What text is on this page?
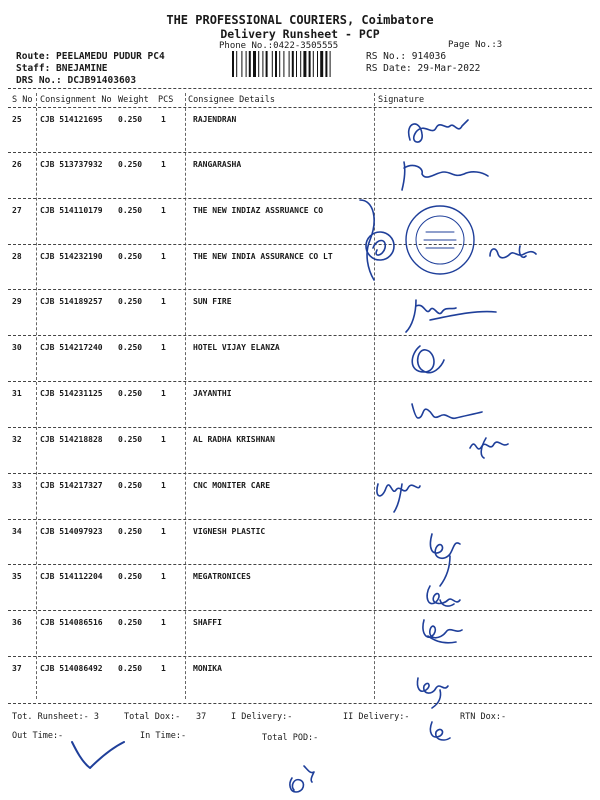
THE PROFESSIONAL COURIERS, Coimbatore
Delivery Runsheet - PCP
Phone No.:0422-3505555	Page No.:3
Route: PEELAMEDU PUDUR PC4
Staff: BNEJAMINE
DRS No.: DCJB91403603
RS No.: 914036
RS Date: 29-Mar-2022
S No Consignment No Weight PCS Consignee Details	Signature
25 CJB 514121695 0.250 1	RAJENDRAN
26 CJB 513737932 0.250 1	RANGARASHA
27 CJB 514110179 0.250 1	THE NEW INDIAZ ASSRUANCE CO
28 CJB 514232190 0.250 1	THE NEW INDIA ASSURANCE CO LT
29 CJB 514189257 0.250 1	SUN FIRE
30 CJB 514217240 0.250 1	HOTEL VIJAY ELANZA
31 CJB 514231125 0.250 1	JAYANTHI
32 CJB 514218828 0.250 1	AL RADHA KRISHNAN
33 CJB 514217327 0.250 1	CNC MONITER CARE
34 CJB 514097923 0.250 1	VIGNESH PLASTIC
35 CJB 514112204 0.250 1	MEGATRONICES
36 CJB 514086516 0.250 1	SHAFFI
37 CJB 514086492 0.250 1	MONIKA
Tot. Runsheet:- 3	Total Dox:- 37	I Delivery:-	II Delivery:-	RTN Dox:-
Out Time:-	In Time:-	Total POD:-
